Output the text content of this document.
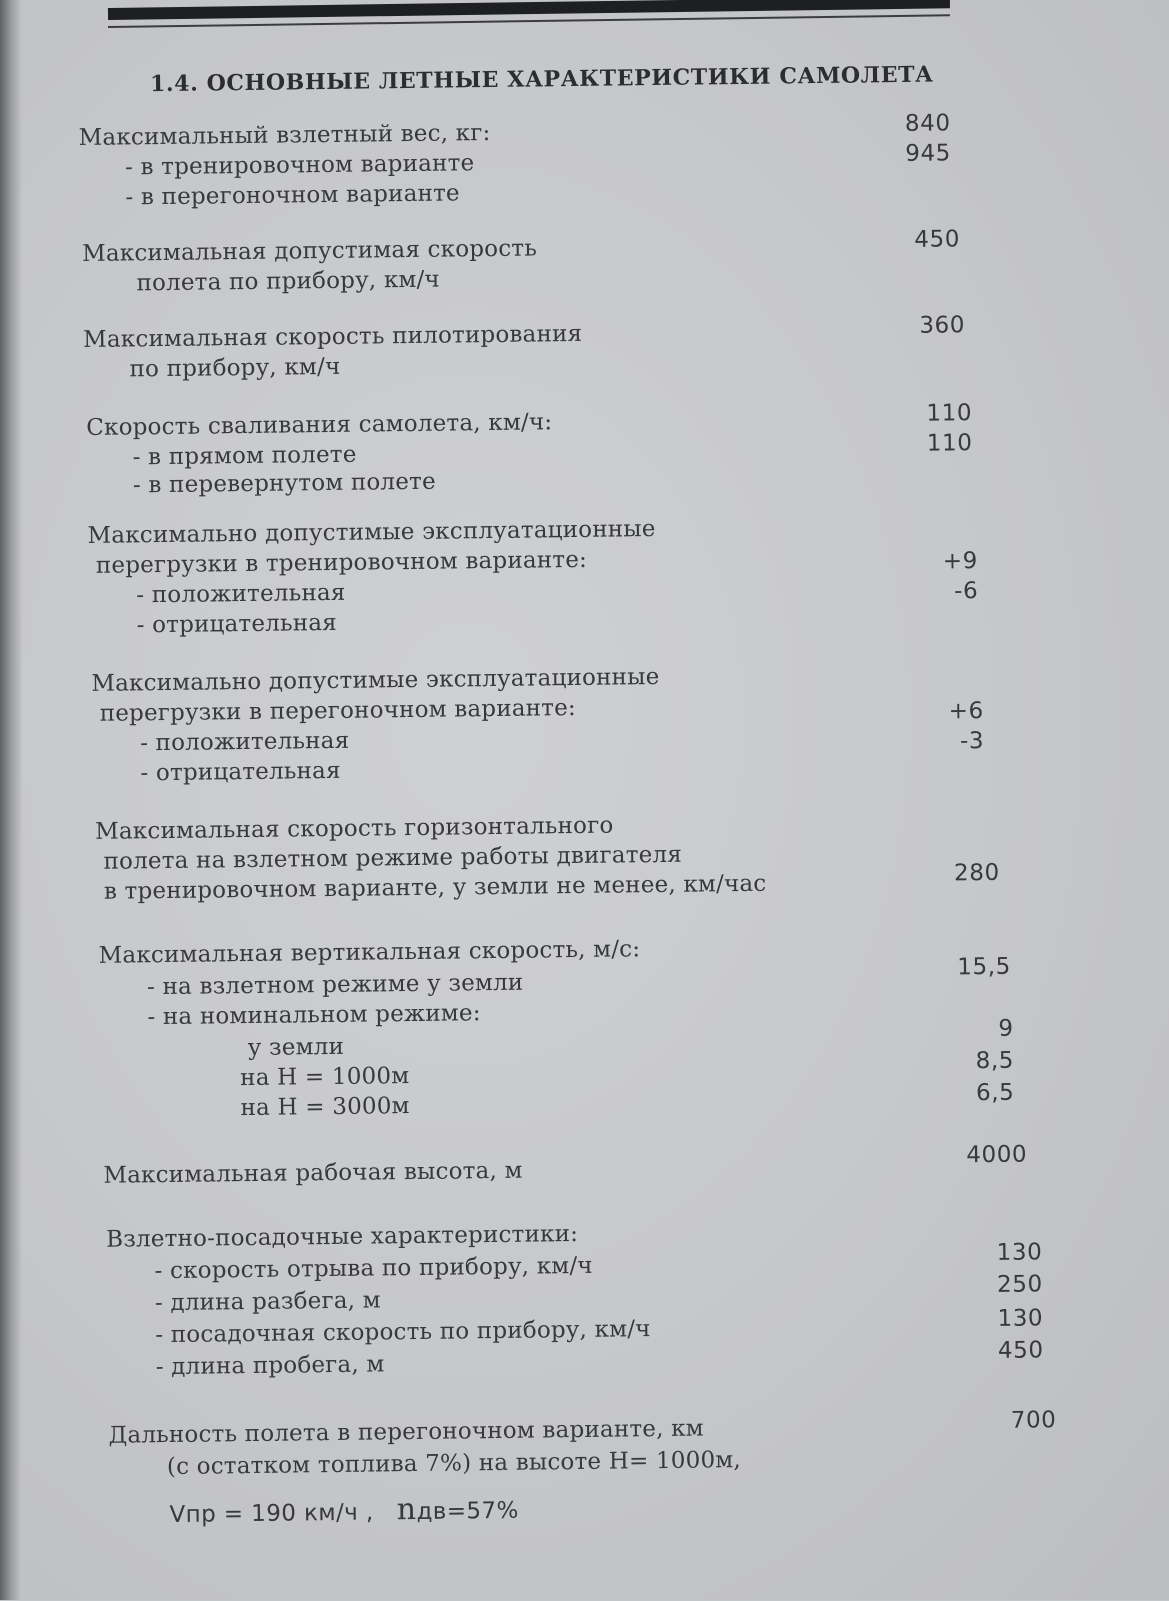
1.4. ОСНОВНЫЕ ЛЕТНЫЕ ХАРАКТЕРИСТИКИ САМОЛЕТА
Максимальный взлетный вес, кг:
- в тренировочном варианте
- в перегоночном варианте
840
945
Максимальная допустимая скорость
полета по прибору, км/ч
450
Максимальная скорость пилотирования
по прибору, км/ч
360
Скорость сваливания самолета, км/ч:
- в прямом полете
- в перевернутом полете
110
110
Максимально допустимые эксплуатационные
перегрузки в тренировочном варианте:
- положительная
- отрицательная
+9
-6
Максимально допустимые эксплуатационные
перегрузки в перегоночном варианте:
- положительная
- отрицательная
+6
-3
Максимальная скорость горизонтального
полета на взлетном режиме работы двигателя
в тренировочном варианте, у земли не менее, км/час	280
Максимальная вертикальная скорость, м/с:
- на взлетном режиме у земли
- на номинальном режиме:
у земли
на Н = 1000м
на Н = 3000м
15,5
9
8,5
6,5
Максимальная рабочая высота, м
4000
Взлетно-посадочные характеристики:
- скорость отрыва по прибору, км/ч
- длина разбега, м
- посадочная скорость по прибору, км/ч
- длина пробега, м
130
250
130
450
Дальность полета в перегоночном варианте, км
(с остатком топлива 7%) на высоте Н= 1000м,
700
Vпр = 190 км/ч , nдв=57%
